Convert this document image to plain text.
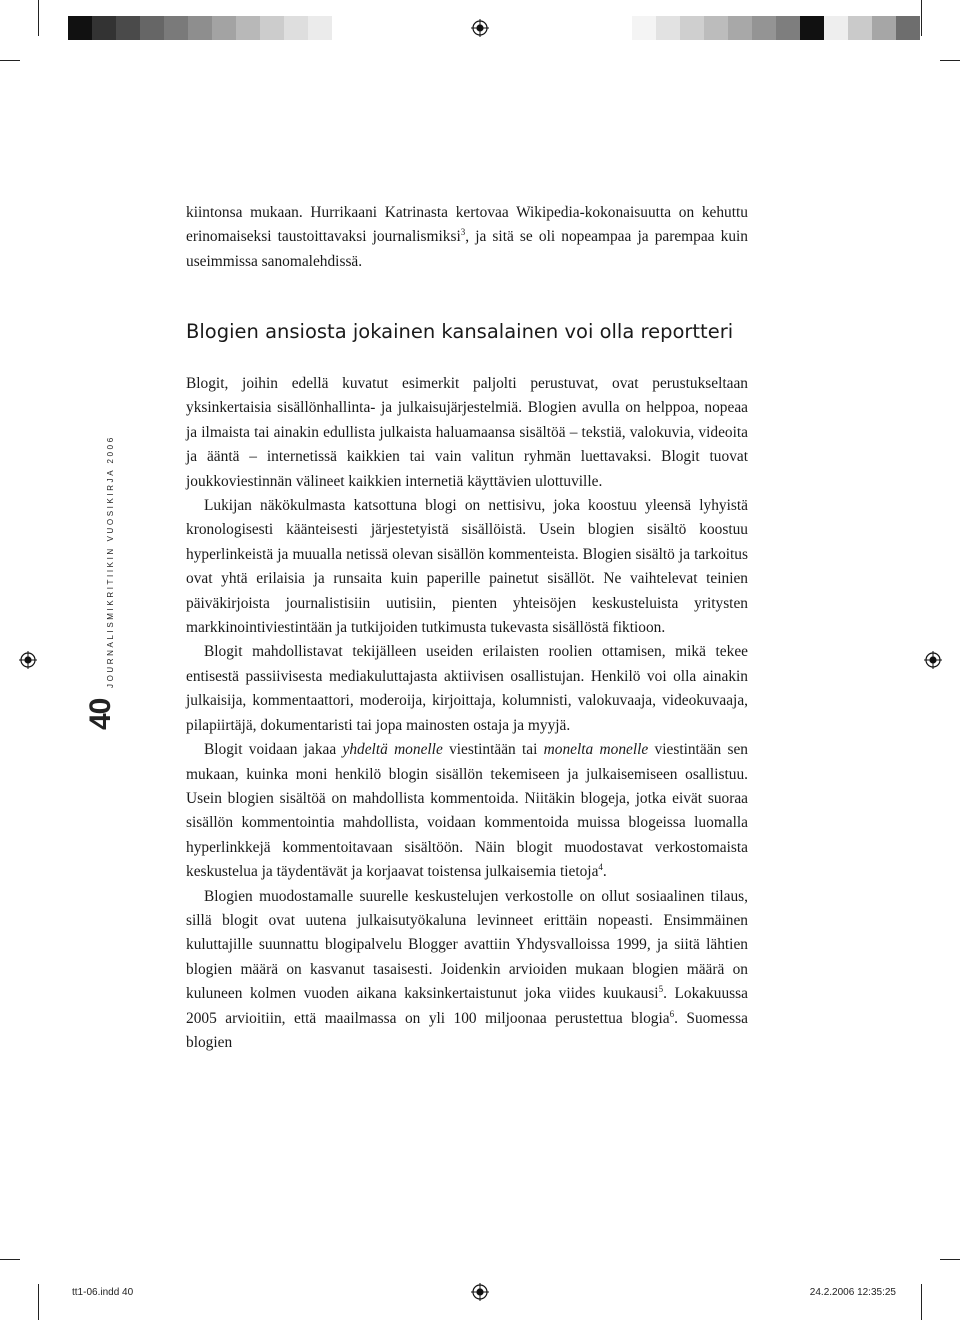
JOURNALISMIKRITIIKIN VUOSIKIRJA 2006
40

kiintonsa mukaan. Hurrikaani Katrinasta kertovaa Wikipedia-kokonaisuutta on kehuttu erinomaiseksi taustoittavaksi journalismiksi$^3$, ja sitä se oli nopeampaa ja parempaa kuin useimmissa sanomalehdissä.

Blogien ansiosta jokainen kansalainen voi olla reportteri

Blogit, joihin edellä kuvatut esimerkit paljolti perustuvat, ovat perustukseltaan yksinkertaisia sisällönhallinta- ja julkaisujärjestelmiä. Blogien avulla on helppoa, nopeaa ja ilmaista tai ainakin edullista julkaista haluamaansa sisältöä – tekstiä, valokuvia, videoita ja ääntä – internetissä kaikkien tai vain valitun ryhmän luettavaksi. Blogit tuovat joukkoviestinnän välineet kaikkien internetiä käyttävien ulottuville.

Lukijan näkökulmasta katsottuna blogi on nettisivu, joka koostuu yleensä lyhyistä kronologisesti käänteisesti järjestetyistä sisällöistä. Usein blogien sisältö koostuu hyperlinkeistä ja muualla netissä olevan sisällön kommenteista. Blogien sisältö ja tarkoitus ovat yhtä erilaisia ja runsaita kuin paperille painetut sisällöt. Ne vaihtelevat teinien päiväkirjoista journalistisiin uutisiin, pienten yhteisöjen keskusteluista yritysten markkinointiviestintään ja tutkijoiden tutkimusta tukevasta sisällöstä fiktioon.

Blogit mahdollistavat tekijälleen useiden erilaisten roolien ottamisen, mikä tekee entisestä passiivisesta mediakuluttajasta aktiivisen osallistujan. Henkilö voi olla ainakin julkaisija, kommentaattori, moderoija, kirjoittaja, kolumnisti, valokuvaaja, videokuvaaja, pilapiirtäjä, dokumentaristi tai jopa mainosten ostaja ja myyjä.

Blogit voidaan jakaa yhdeltä monelle viestintään tai monelta monelle viestintään sen mukaan, kuinka moni henkilö blogin sisällön tekemiseen ja julkaisemiseen osallistuu. Usein blogien sisältöä on mahdollista kommentoida. Niitäkin blogeja, jotka eivät suoraa sisällön kommentointia mahdollista, voidaan kommentoida muissa blogeissa luomalla hyperlinkkejä kommentoitavaan sisältöön. Näin blogit muodostavat verkostomaista keskustelua ja täydentävät ja korjaavat toistensa julkaisemia tietoja$^4$.

Blogien muodostamalle suurelle keskustelujen verkostolle on ollut sosiaalinen tilaus, sillä blogit ovat uutena julkaisutyökaluna levinneet erittäin nopeasti. Ensimmäinen kuluttajille suunnattu blogipalvelu Blogger avattiin Yhdysvalloissa 1999, ja siitä lähtien blogien määrä on kasvanut tasaisesti. Joidenkin arvioiden mukaan blogien määrä on kuluneen kolmen vuoden aikana kaksinkertaistunut joka viides kuukausi$^5$. Lokakuussa 2005 arvioitiin, että maailmassa on yli 100 miljoonaa perustettua blogia$^6$. Suomessa blogien

tt1-06.indd 40	24.2.2006 12:35:25
